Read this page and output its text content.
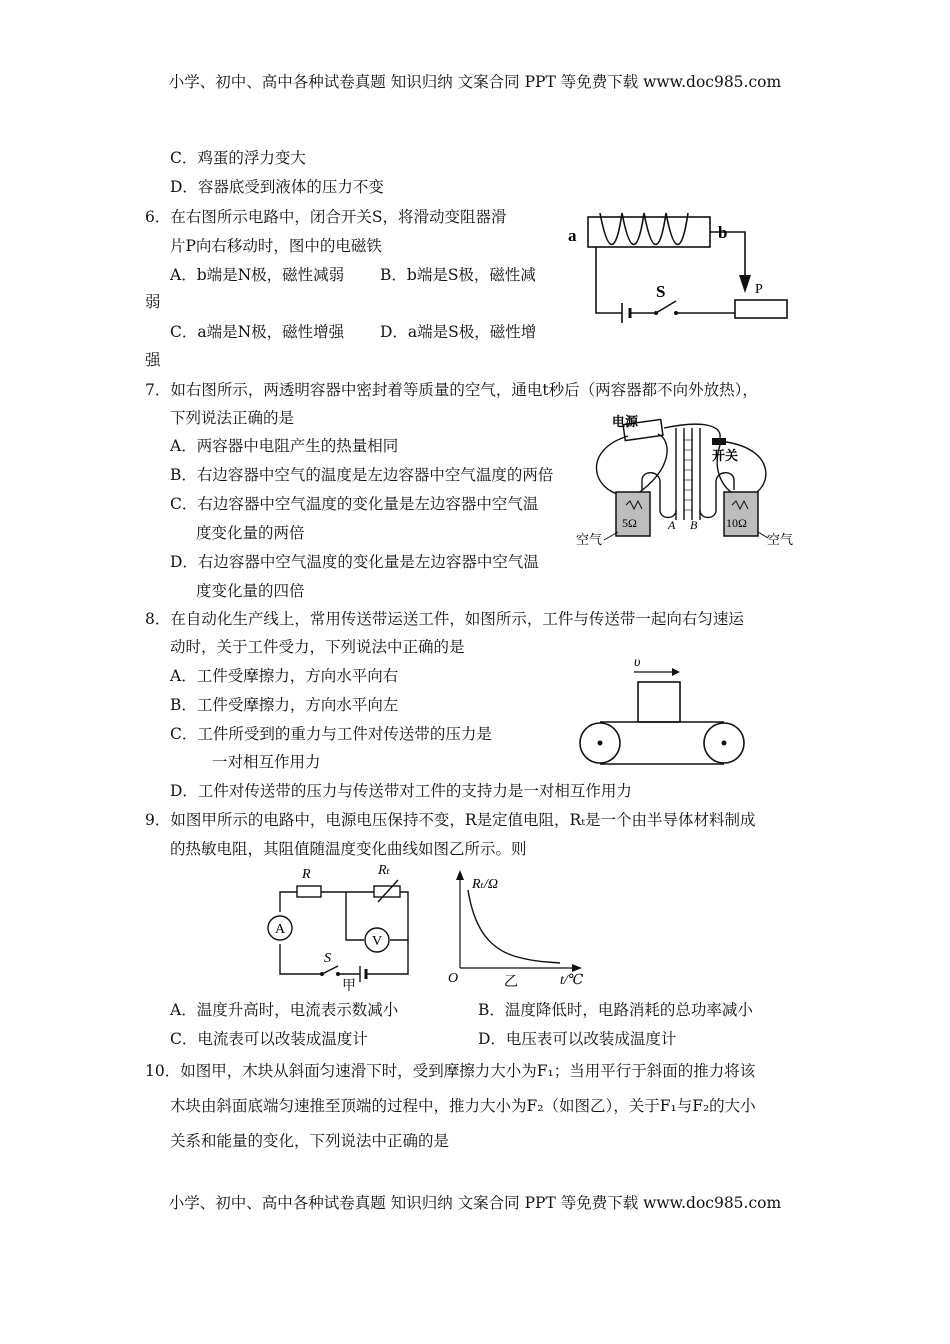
小学、初中、高中各种试卷真题 知识归纳 文案合同 PPT 等免费下载 www.doc985.com
C．鸡蛋的浮力变大
D．容器底受到液体的压力不变
6．在右图所示电路中，闭合开关S，将滑动变阻器滑
片P向右移动时，图中的电磁铁
A．b端是N极，磁性减弱 B．b端是S极，磁性减
弱
C．a端是N极，磁性增强 D．a端是S极，磁性增
强
a	b
P
S
7．如右图所示，两透明容器中密封着等质量的空气，通电t秒后（两容器都不向外放热），
下列说法正确的是
A．两容器中电阻产生的热量相同
B．右边容器中空气的温度是左边容器中空气温度的两倍
C．右边容器中空气温度的变化量是左边容器中空气温
度变化量的两倍
D．右边容器中空气温度的变化量是左边容器中空气温
度变化量的四倍
电源
开关
5Ω	10Ω
A B
空气	空气
8．在自动化生产线上，常用传送带运送工件，如图所示，工件与传送带一起向右匀速运
动时，关于工件受力，下列说法中正确的是
A．工件受摩擦力，方向水平向右
B．工件受摩擦力，方向水平向左
C．工件所受到的重力与工件对传送带的压力是
一对相互作用力
D．工件对传送带的压力与传送带对工件的支持力是一对相互作用力
υ
9．如图甲所示的电路中，电源电压保持不变，R是定值电阻，Rₜ是一个由半导体材料制成
的热敏电阻，其阻值随温度变化曲线如图乙所示。则
A
V
R	Rₜ
S
甲
Rₜ/Ω
t/℃
O	乙
A．温度升高时，电流表示数减小	B．温度降低时，电路消耗的总功率减小
C．电流表可以改装成温度计	D．电压表可以改装成温度计
10．如图甲，木块从斜面匀速滑下时，受到摩擦力大小为F₁；当用平行于斜面的推力将该
木块由斜面底端匀速推至顶端的过程中，推力大小为F₂（如图乙），关于F₁与F₂的大小
关系和能量的变化，下列说法中正确的是
小学、初中、高中各种试卷真题 知识归纳 文案合同 PPT 等免费下载 www.doc985.com
